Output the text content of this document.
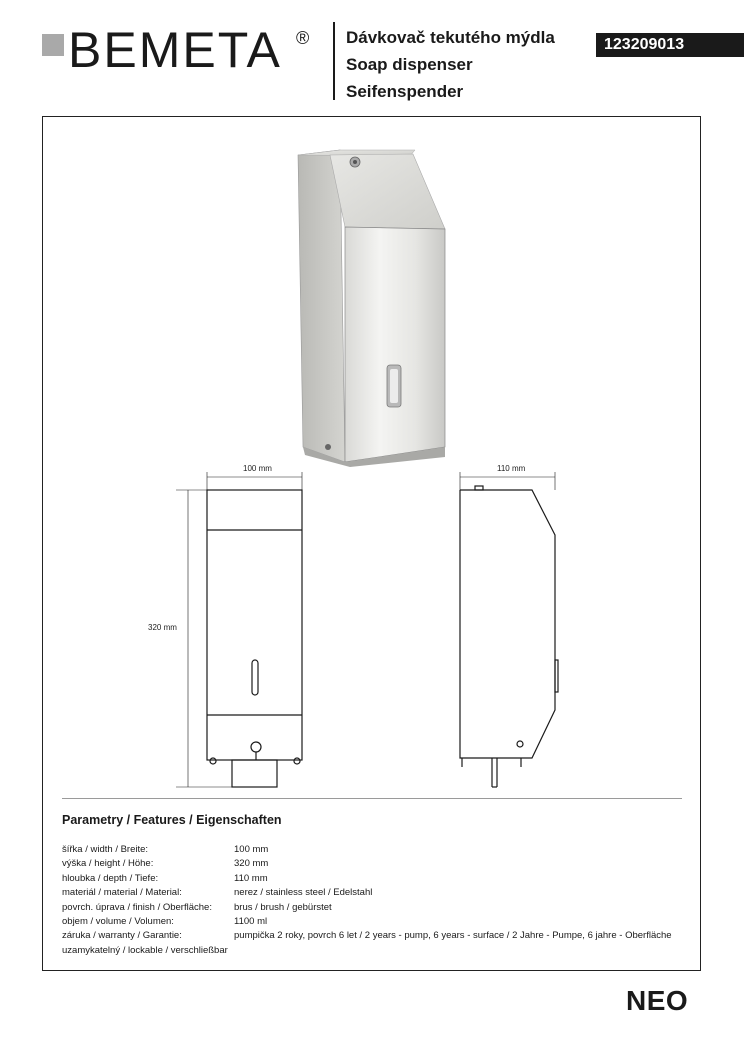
BEMETA ® Dávkovač tekutého mýdla
Soap dispenser
Seifenspender
123209013
100 mm	110 mm
320 mm
Parametry / Features / Eigenschaften
šířka / width / Breite:	100 mm
výška / height / Höhe:	320 mm
hloubka / depth / Tiefe:	110 mm
materiál / material / Material:	nerez / stainless steel / Edelstahl
povrch. úprava / finish / Oberfläche: brus / brush / gebürstet
objem / volume / Volumen:	1100 ml
záruka / warranty / Garantie:	pumpička 2 roky, povrch 6 let / 2 years - pump, 6 years - surface / 2 Jahre - Pumpe, 6 jahre - Oberfläche
uzamykatelný / lockable / verschließbar
NEO
